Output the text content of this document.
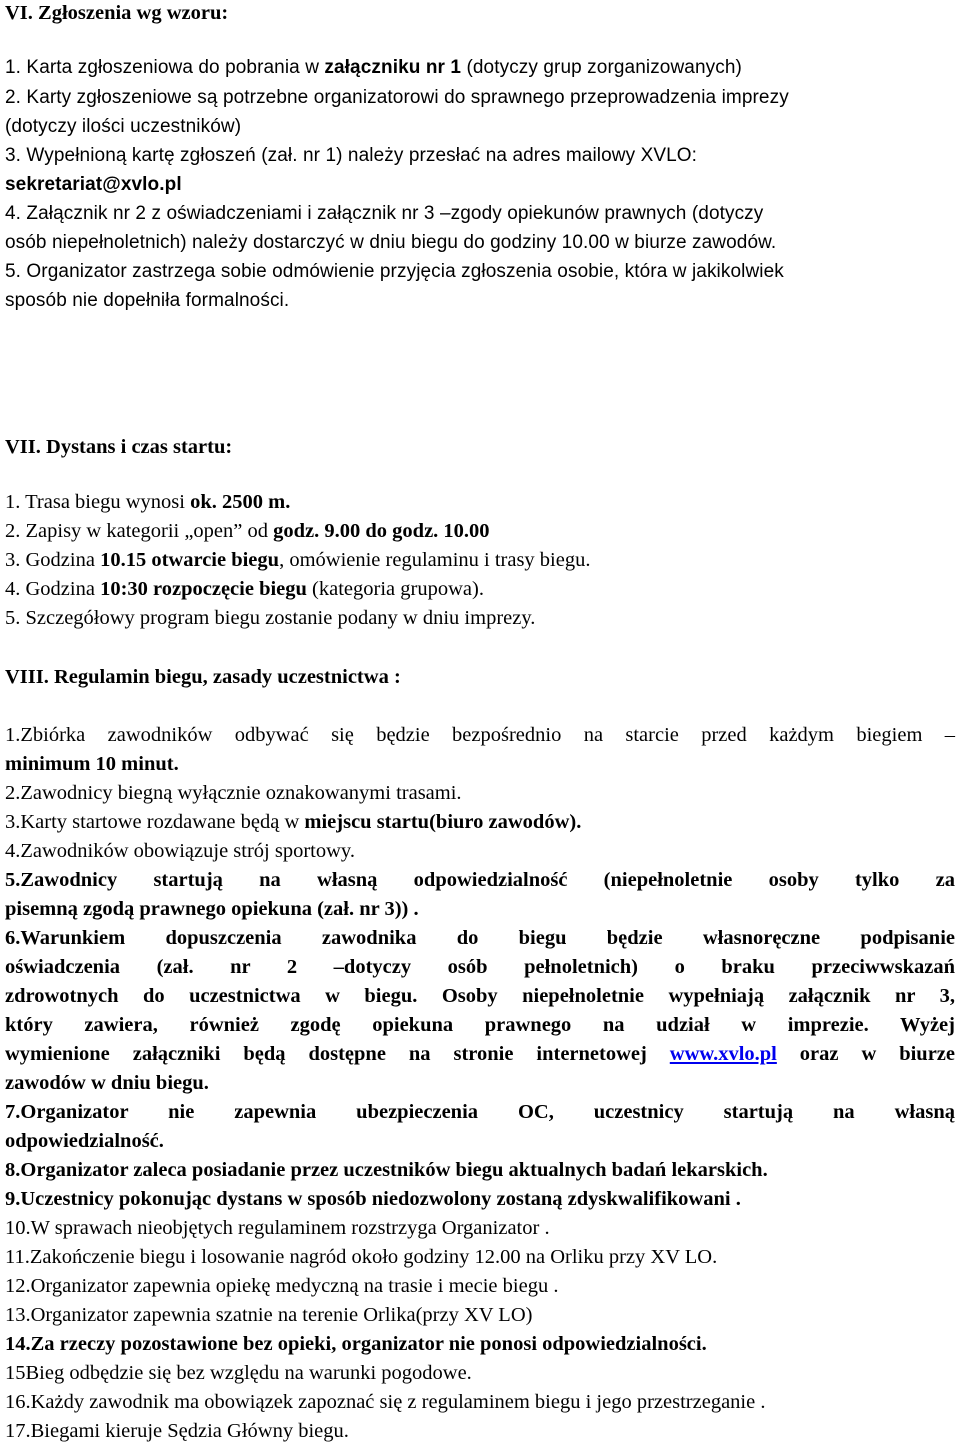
VI. Zgłoszenia wg wzoru:
1. Karta zgłoszeniowa do pobrania w załączniku nr 1 (dotyczy grup zorganizowanych)
2. Karty zgłoszeniowe są potrzebne organizatorowi do sprawnego przeprowadzenia imprezy
(dotyczy ilości uczestników)
3. Wypełnioną kartę zgłoszeń (zał. nr 1) należy przesłać na adres mailowy XVLO:
sekretariat@xvlo.pl
4. Załącznik nr 2 z oświadczeniami i załącznik nr 3 –zgody opiekunów prawnych (dotyczy
osób niepełnoletnich) należy dostarczyć w dniu biegu do godziny 10.00 w biurze zawodów.
5. Organizator zastrzega sobie odmówienie przyjęcia zgłoszenia osobie, która w jakikolwiek
sposób nie dopełniła formalności.
VII. Dystans i czas startu:
1. Trasa biegu wynosi ok. 2500 m.
2. Zapisy w kategorii „open” od godz. 9.00 do godz. 10.00
3. Godzina 10.15 otwarcie biegu, omówienie regulaminu i trasy biegu.
4. Godzina 10:30 rozpoczęcie biegu (kategoria grupowa).
5. Szczegółowy program biegu zostanie podany w dniu imprezy.
VIII. Regulamin biegu, zasady uczestnictwa :
1.Zbiórka zawodników odbywać się będzie bezpośrednio na starcie przed każdym biegiem –
minimum 10 minut.
2.Zawodnicy biegną wyłącznie oznakowanymi trasami.
3.Karty startowe rozdawane będą w miejscu startu(biuro zawodów).
4.Zawodników obowiązuje strój sportowy.
5.Zawodnicy startują na własną odpowiedzialność (niepełnoletnie osoby tylko za
pisemną zgodą prawnego opiekuna (zał. nr 3)) .
6.Warunkiem dopuszczenia zawodnika do biegu będzie własnoręczne podpisanie
oświadczenia (zał. nr 2 –dotyczy osób pełnoletnich) o braku przeciwwskazań
zdrowotnych do uczestnictwa w biegu. Osoby niepełnoletnie wypełniają załącznik nr 3,
który zawiera, również zgodę opiekuna prawnego na udział w imprezie. Wyżej
wymienione załączniki będą dostępne na stronie internetowej www.xvlo.pl oraz w biurze
zawodów w dniu biegu.
7.Organizator nie zapewnia ubezpieczenia OC, uczestnicy startują na własną
odpowiedzialność.
8.Organizator zaleca posiadanie przez uczestników biegu aktualnych badań lekarskich.
9.Uczestnicy pokonując dystans w sposób niedozwolony zostaną zdyskwalifikowani .
10.W sprawach nieobjętych regulaminem rozstrzyga Organizator .
11.Zakończenie biegu i losowanie nagród około godziny 12.00 na Orliku przy XV LO.
12.Organizator zapewnia opiekę medyczną na trasie i mecie biegu .
13.Organizator zapewnia szatnie na terenie Orlika(przy XV LO)
14.Za rzeczy pozostawione bez opieki, organizator nie ponosi odpowiedzialności.
15Bieg odbędzie się bez względu na warunki pogodowe.
16.Każdy zawodnik ma obowiązek zapoznać się z regulaminem biegu i jego przestrzeganie .
17.Biegami kieruje Sędzia Główny biegu.
